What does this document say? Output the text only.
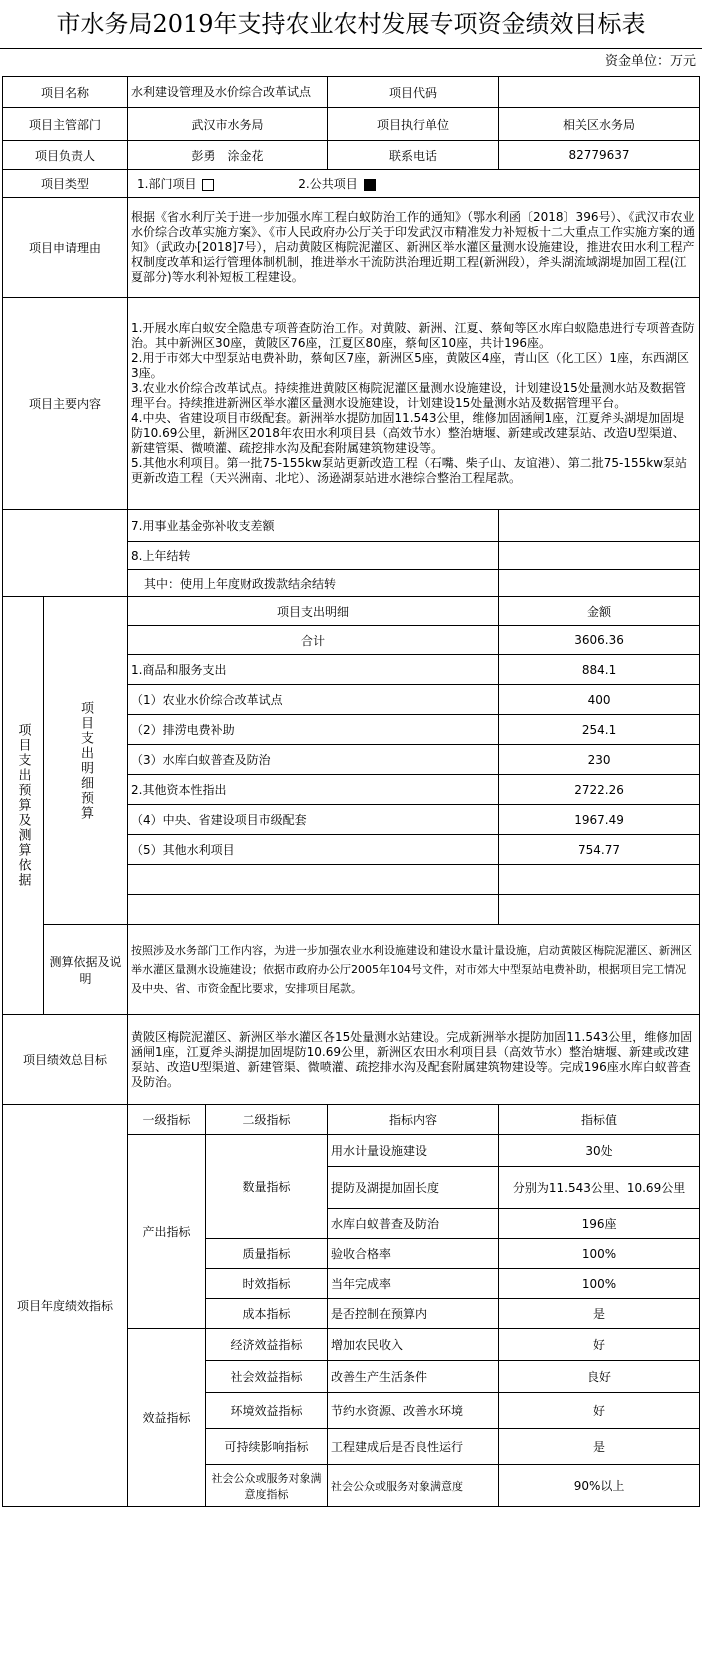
市水务局2019年支持农业农村发展专项资金绩效目标表
资金单位：万元
项目名称		水利建设管理及水价综合改革试点		项目代码	
项目主管部门		武汉市水务局		项目执行单位	相关区水务局
项目负责人		彭勇　涂金花		联系电话	82779637
项目类型		1.部门项目 2.公共项目			
项目申请理由		根据《省水利厅关于进一步加强水库工程白蚁防治工作的通知》（鄂水利函〔2018〕396号）、《武汉市农业水价综合改革实施方案》、《市人民政府办公厅关于印发武汉市精准发力补短板十二大重点工作实施方案的通知》（武政办[2018]7号），启动黄陂区梅院泥灌区、新洲区举水灌区量测水设施建设，推进农田水利工程产权制度改革和运行管理体制机制，推进举水干流防洪治理近期工程(新洲段），斧头湖流域湖堤加固工程(江夏部分)等水利补短板工程建设。			
项目主要内容		1.开展水库白蚁安全隐患专项普查防治工作。对黄陂、新洲、江夏、蔡甸等区水库白蚁隐患进行专项普查防治。其中新洲区30座，黄陂区76座，江夏区80座，蔡甸区10座，共计196座。
2.用于市郊大中型泵站电费补助，蔡甸区7座，新洲区5座，黄陂区4座，青山区（化工区）1座，东西湖区3座。
3.农业水价综合改革试点。持续推进黄陂区梅院泥灌区量测水设施建设，计划建设15处量测水站及数据管理平台。持续推进新洲区举水灌区量测水设施建设，计划建设15处量测水站及数据管理平台。
4.中央、省建设项目市级配套。新洲举水提防加固11.543公里，维修加固涵闸1座，江夏斧头湖堤加固堤防10.69公里，新洲区2018年农田水利项目县（高效节水）整治塘堰、新建或改建泵站、改造U型渠道、新建管渠、微喷灌、疏挖排水沟及配套附属建筑物建设等。
5.其他水利项目。第一批75-155kw泵站更新改造工程（石嘴、柴子山、友谊港）、第二批75-155kw泵站更新改造工程（天兴洲南、北坨）、汤逊湖泵站进水港综合整治工程尾款。			

		7.用事业基金弥补收支差额			
		8.上年结转			
		其中：使用上年度财政拨款结余结转			

项目支出预算及测算依据	项目支出明细预算	项目支出明细			金额
		合计			3606.36
		1.商品和服务支出			884.1
		（1）农业水价综合改革试点			400
		（2）排涝电费补助			254.1
		（3）水库白蚁普查及防治			230
		2.其他资本性指出			2722.26
		（4）中央、省建设项目市级配套			1967.49
		（5）其他水利项目			754.77

	测算依据及说明	按照涉及水务部门工作内容，为进一步加强农业水利设施建设和建设水量计量设施，启动黄陂区梅院泥灌区、新洲区举水灌区量测水设施建设；依据市政府办公厅2005年104号文件，对市郊大中型泵站电费补助，根据项目完工情况及中央、省、市资金配比要求，安排项目尾款。			
项目绩效总目标		黄陂区梅院泥灌区、新洲区举水灌区各15处量测水站建设。完成新洲举水提防加固11.543公里，维修加固涵闸1座，江夏斧头湖提加固堤防10.69公里，新洲区农田水利项目县（高效节水）整治塘堰、新建或改建泵站、改造U型渠道、新建管渠、微喷灌、疏挖排水沟及配套附属建筑物建设等。完成196座水库白蚁普查及防治。			
项目年度绩效指标		一级指标	二级指标	指标内容	指标值
		产出指标	数量指标	用水计量设施建设	30处
				提防及湖提加固长度	分别为11.543公里、10.69公里
				水库白蚁普查及防治	196座
			质量指标	验收合格率	100%
			时效指标	当年完成率	100%
			成本指标	是否控制在预算内	是
		效益指标	经济效益指标	增加农民收入	好
			社会效益指标	改善生产生活条件	良好
			环境效益指标	节约水资源、改善水环境	好
			可持续影响指标	工程建成后是否良性运行	是
			社会公众或服务对象满意度指标	社会公众或服务对象满意度	90%以上
